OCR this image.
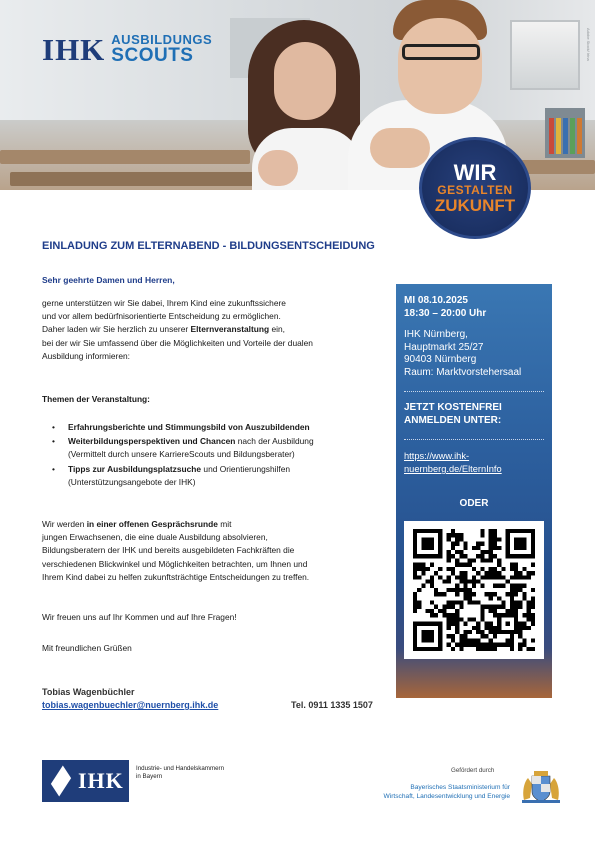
Adobe Stock/ Irina
IHK AUSBILDUNGS
SCOUTS
WIR
GESTALTEN
ZUKUNFT
EINLADUNG ZUM ELTERNABEND - BILDUNGSENTSCHEIDUNG
Sehr geehrte Damen und Herren,
gerne unterstützen wir Sie dabei, Ihrem Kind eine zukunftssichere
und vor allem bedürfnisorientierte Entscheidung zu ermöglichen.
Daher laden wir Sie herzlich zu unserer Elternveranstaltung ein,
bei der wir Sie umfassend über die Möglichkeiten und Vorteile der dualen
Ausbildung informieren:
Themen der Veranstaltung:
•	Erfahrungsberichte und Stimmungsbild von Auszubildenden
•	Weiterbildungsperspektiven und Chancen nach der Ausbildung
(Vermittelt durch unsere KarriereScouts und Bildungsberater)
•	Tipps zur Ausbildungsplatzsuche und Orientierungshilfen
(Unterstützungsangebote der IHK)
Wir werden in einer offenen Gesprächsrunde mit
jungen Erwachsenen, die eine duale Ausbildung absolvieren,
Bildungsberatern der IHK und bereits ausgebildeten Fachkräften die
verschiedenen Blickwinkel und Möglichkeiten betrachten, um Ihnen und
Ihrem Kind dabei zu helfen zukunftsträchtige Entscheidungen zu treffen.
Wir freuen uns auf Ihr Kommen und auf Ihre Fragen!
Mit freundlichen Grüßen
Tobias Wagenbüchler
tobias.wagenbuechler@nuernberg.ihk.de	Tel. 0911 1335 1507
MI 08.10.2025
18:30 – 20:00 Uhr
IHK Nürnberg,
Hauptmarkt 25/27
90403 Nürnberg
Raum: Marktvorstehersaal
JETZT KOSTENFREI
ANMELDEN UNTER:
https://www.ihk-
nuernberg.de/ElternInfo
ODER
IHK Industrie- und Handelskammern
in Bayern
Gefördert durch
Bayerisches Staatsministerium für
Wirtschaft, Landesentwicklung und Energie
